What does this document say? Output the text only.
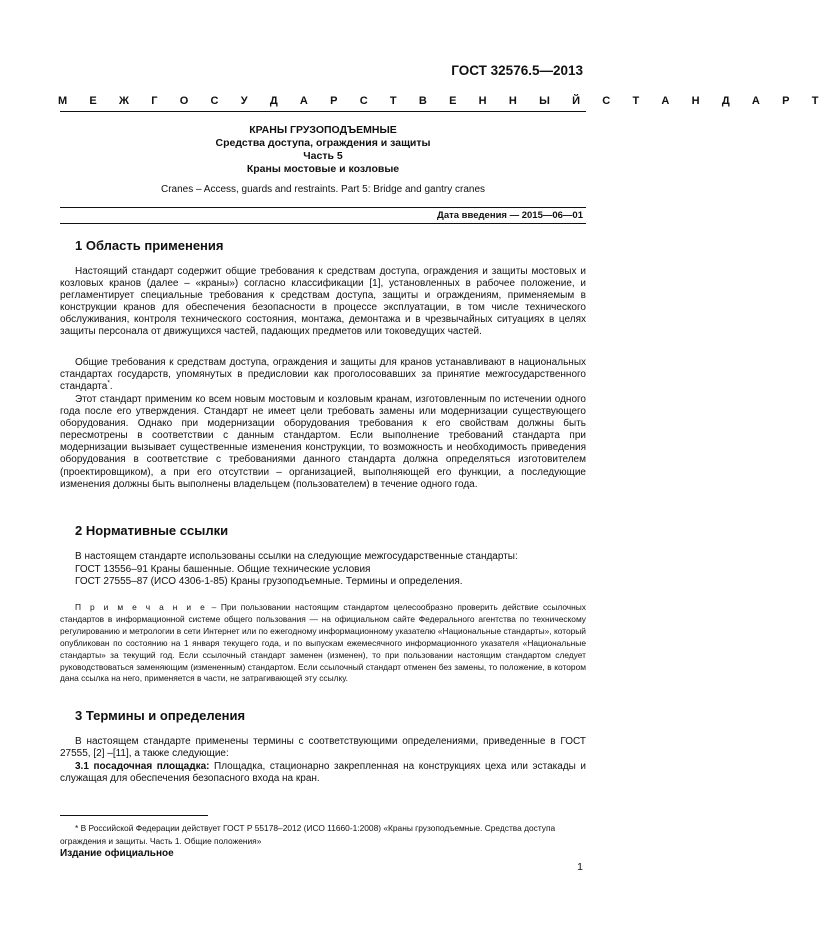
ГОСТ 32576.5—2013
М Е Ж Г О С У Д А Р С Т В Е Н Н Ы Й С Т А Н Д А Р Т
КРАНЫ ГРУЗОПОДЪЕМНЫЕ
Средства доступа, ограждения и защиты
Часть 5
Краны мостовые и козловые
Cranes – Access, guards and restraints. Part 5: Bridge and gantry cranes
Дата введения — 2015—06—01
1 Область применения
Настоящий стандарт содержит общие требования к средствам доступа, ограждения и защиты мостовых и козловых кранов (далее – «краны») согласно классификации [1], установленных в рабочее положение, и регламентирует специальные требования к средствам доступа, защиты и ограждениям, применяемым в конструкции кранов для обеспечения безопасности в процессе эксплуатации, в том числе технического обслуживания, контроля технического состояния, монтажа, демонтажа и в чрезвычайных ситуациях в целях защиты персонала от движущихся частей, падающих предметов или токоведущих частей.
Общие требования к средствам доступа, ограждения и защиты для кранов устанавливают в национальных стандартах государств, упомянутых в предисловии как проголосовавших за принятие межгосударственного стандарта*.
Этот стандарт применим ко всем новым мостовым и козловым кранам, изготовленным по истечении одного года после его утверждения. Стандарт не имеет цели требовать замены или модернизации существующего оборудования. Однако при модернизации оборудования требования к его свойствам должны быть пересмотрены в соответствии с данным стандартом. Если выполнение требований стандарта при модернизации вызывает существенные изменения конструкции, то возможность и необходимость приведения оборудования в соответствие с требованиями данного стандарта должна определяться изготовителем (проектировщиком), а при его отсутствии – организацией, выполняющей его функции, а последующие изменения должны быть выполнены владельцем (пользователем) в течение одного года.
2 Нормативные ссылки
В настоящем стандарте использованы ссылки на следующие межгосударственные стандарты:
ГОСТ 13556–91 Краны башенные. Общие технические условия
ГОСТ 27555–87 (ИСО 4306-1-85) Краны грузоподъемные. Термины и определения.
П р и м е ч а н и е – При пользовании настоящим стандартом целесообразно проверить действие ссылочных стандартов в информационной системе общего пользования — на официальном сайте Федерального агентства по техническому регулированию и метрологии в сети Интернет или по ежегодному информационному указателю «Национальные стандарты», который опубликован по состоянию на 1 января текущего года, и по выпускам ежемесячного информационного указателя «Национальные стандарты» за текущий год. Если ссылочный стандарт заменен (изменен), то при пользовании настоящим стандартом следует руководствоваться заменяющим (измененным) стандартом. Если ссылочный стандарт отменен без замены, то положение, в котором дана ссылка на него, применяется в части, не затрагивающей эту ссылку.
3 Термины и определения
В настоящем стандарте применены термины с соответствующими определениями, приведенные в ГОСТ 27555, [2] –[11], а также следующие:
3.1 посадочная площадка: Площадка, стационарно закрепленная на конструкциях цеха или эстакады и служащая для обеспечения безопасного входа на кран.
* В Российской Федерации действует ГОСТ Р 55178–2012 (ИСО 11660-1:2008) «Краны грузоподъемные. Средства доступа ограждения и защиты. Часть 1. Общие положения»
Издание официальное
1
